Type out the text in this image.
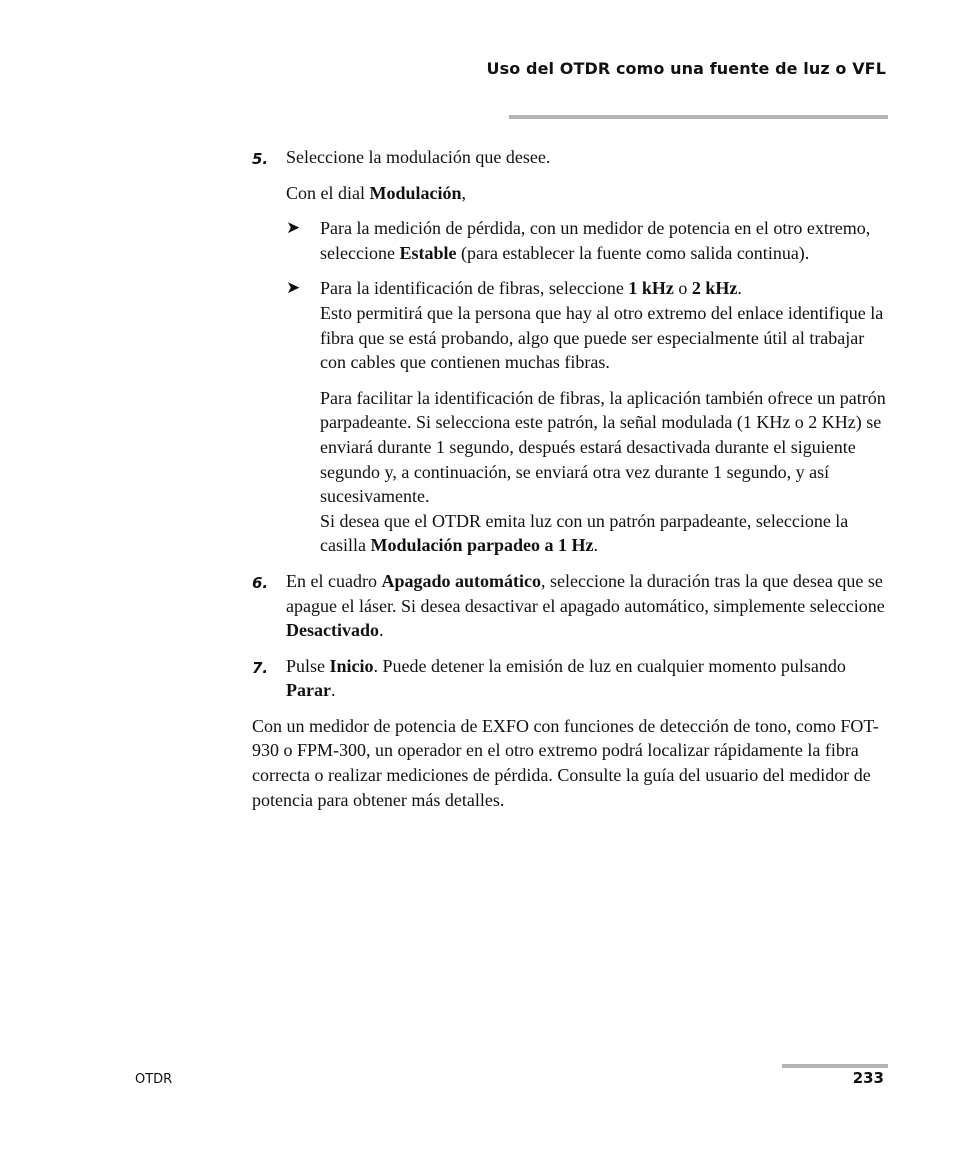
Uso del OTDR como una fuente de luz o VFL

5. Seleccione la modulación que desee.

Con el dial Modulación,

➤ Para la medición de pérdida, con un medidor de potencia en el otro extremo, seleccione Estable (para establecer la fuente como salida continua).

➤ Para la identificación de fibras, seleccione 1 kHz o 2 kHz.
Esto permitirá que la persona que hay al otro extremo del enlace identifique la fibra que se está probando, algo que puede ser especialmente útil al trabajar con cables que contienen muchas fibras.

Para facilitar la identificación de fibras, la aplicación también ofrece un patrón parpadeante. Si selecciona este patrón, la señal modulada (1 KHz o 2 KHz) se enviará durante 1 segundo, después estará desactivada durante el siguiente segundo y, a continuación, se enviará otra vez durante 1 segundo, y así sucesivamente.
Si desea que el OTDR emita luz con un patrón parpadeante, seleccione la casilla Modulación parpadeo a 1 Hz.

6. En el cuadro Apagado automático, seleccione la duración tras la que desea que se apague el láser. Si desea desactivar el apagado automático, simplemente seleccione Desactivado.

7. Pulse Inicio. Puede detener la emisión de luz en cualquier momento pulsando Parar.

Con un medidor de potencia de EXFO con funciones de detección de tono, como FOT-930 o FPM-300, un operador en el otro extremo podrá localizar rápidamente la fibra correcta o realizar mediciones de pérdida. Consulte la guía del usuario del medidor de potencia para obtener más detalles.

OTDR	233
